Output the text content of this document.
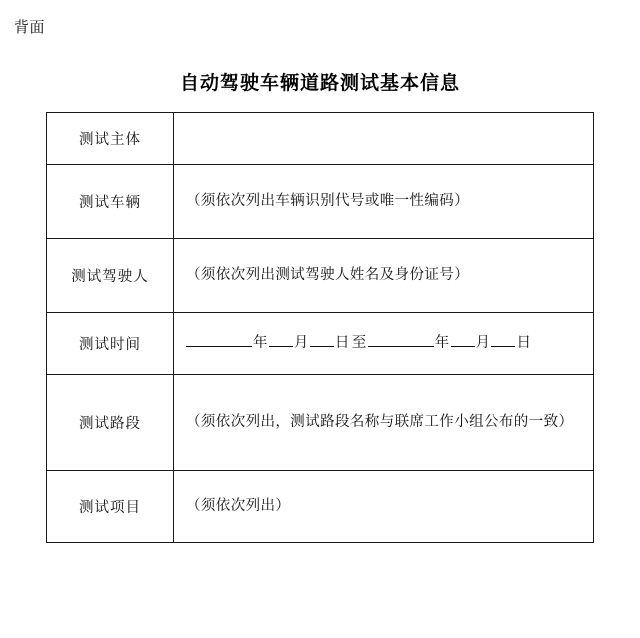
背面
自动驾驶车辆道路测试基本信息
测试主体	
测试车辆	（须依次列出车辆识别代号或唯一性编码）
测试驾驶人	（须依次列出测试驾驶人姓名及身份证号）
测试时间	年 月 日 至 年 月 日
测试路段	（须依次列出，测试路段名称与联席工作小组公布的一致）
测试项目	（须依次列出）
